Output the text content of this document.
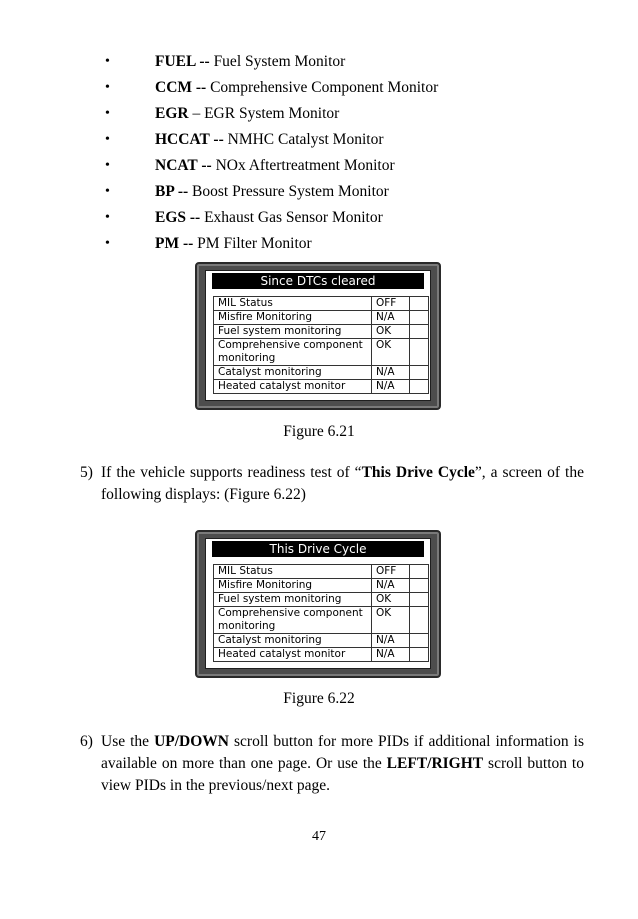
•	FUEL -- Fuel System Monitor
•	CCM -- Comprehensive Component Monitor
•	EGR – EGR System Monitor
•	HCCAT -- NMHC Catalyst Monitor
•	NCAT -- NOx Aftertreatment Monitor
•	BP -- Boost Pressure System Monitor
•	EGS -- Exhaust Gas Sensor Monitor
•	PM -- PM Filter Monitor
Since DTCs cleared
MIL Status	OFF	
Misfire Monitoring	N/A	
Fuel system monitoring	OK	
Comprehensive component monitoring	OK	
Catalyst monitoring	N/A	
Heated catalyst monitor	N/A	
Figure 6.21
5) If the vehicle supports readiness test of “This Drive Cycle”, a screen of the following displays: (Figure 6.22)
This Drive Cycle
MIL Status	OFF	
Misfire Monitoring	N/A	
Fuel system monitoring	OK	
Comprehensive component monitoring	OK	
Catalyst monitoring	N/A	
Heated catalyst monitor	N/A	
Figure 6.22
6) Use the UP/DOWN scroll button for more PIDs if additional information is available on more than one page. Or use the LEFT/RIGHT scroll button to view PIDs in the previous/next page.
47
